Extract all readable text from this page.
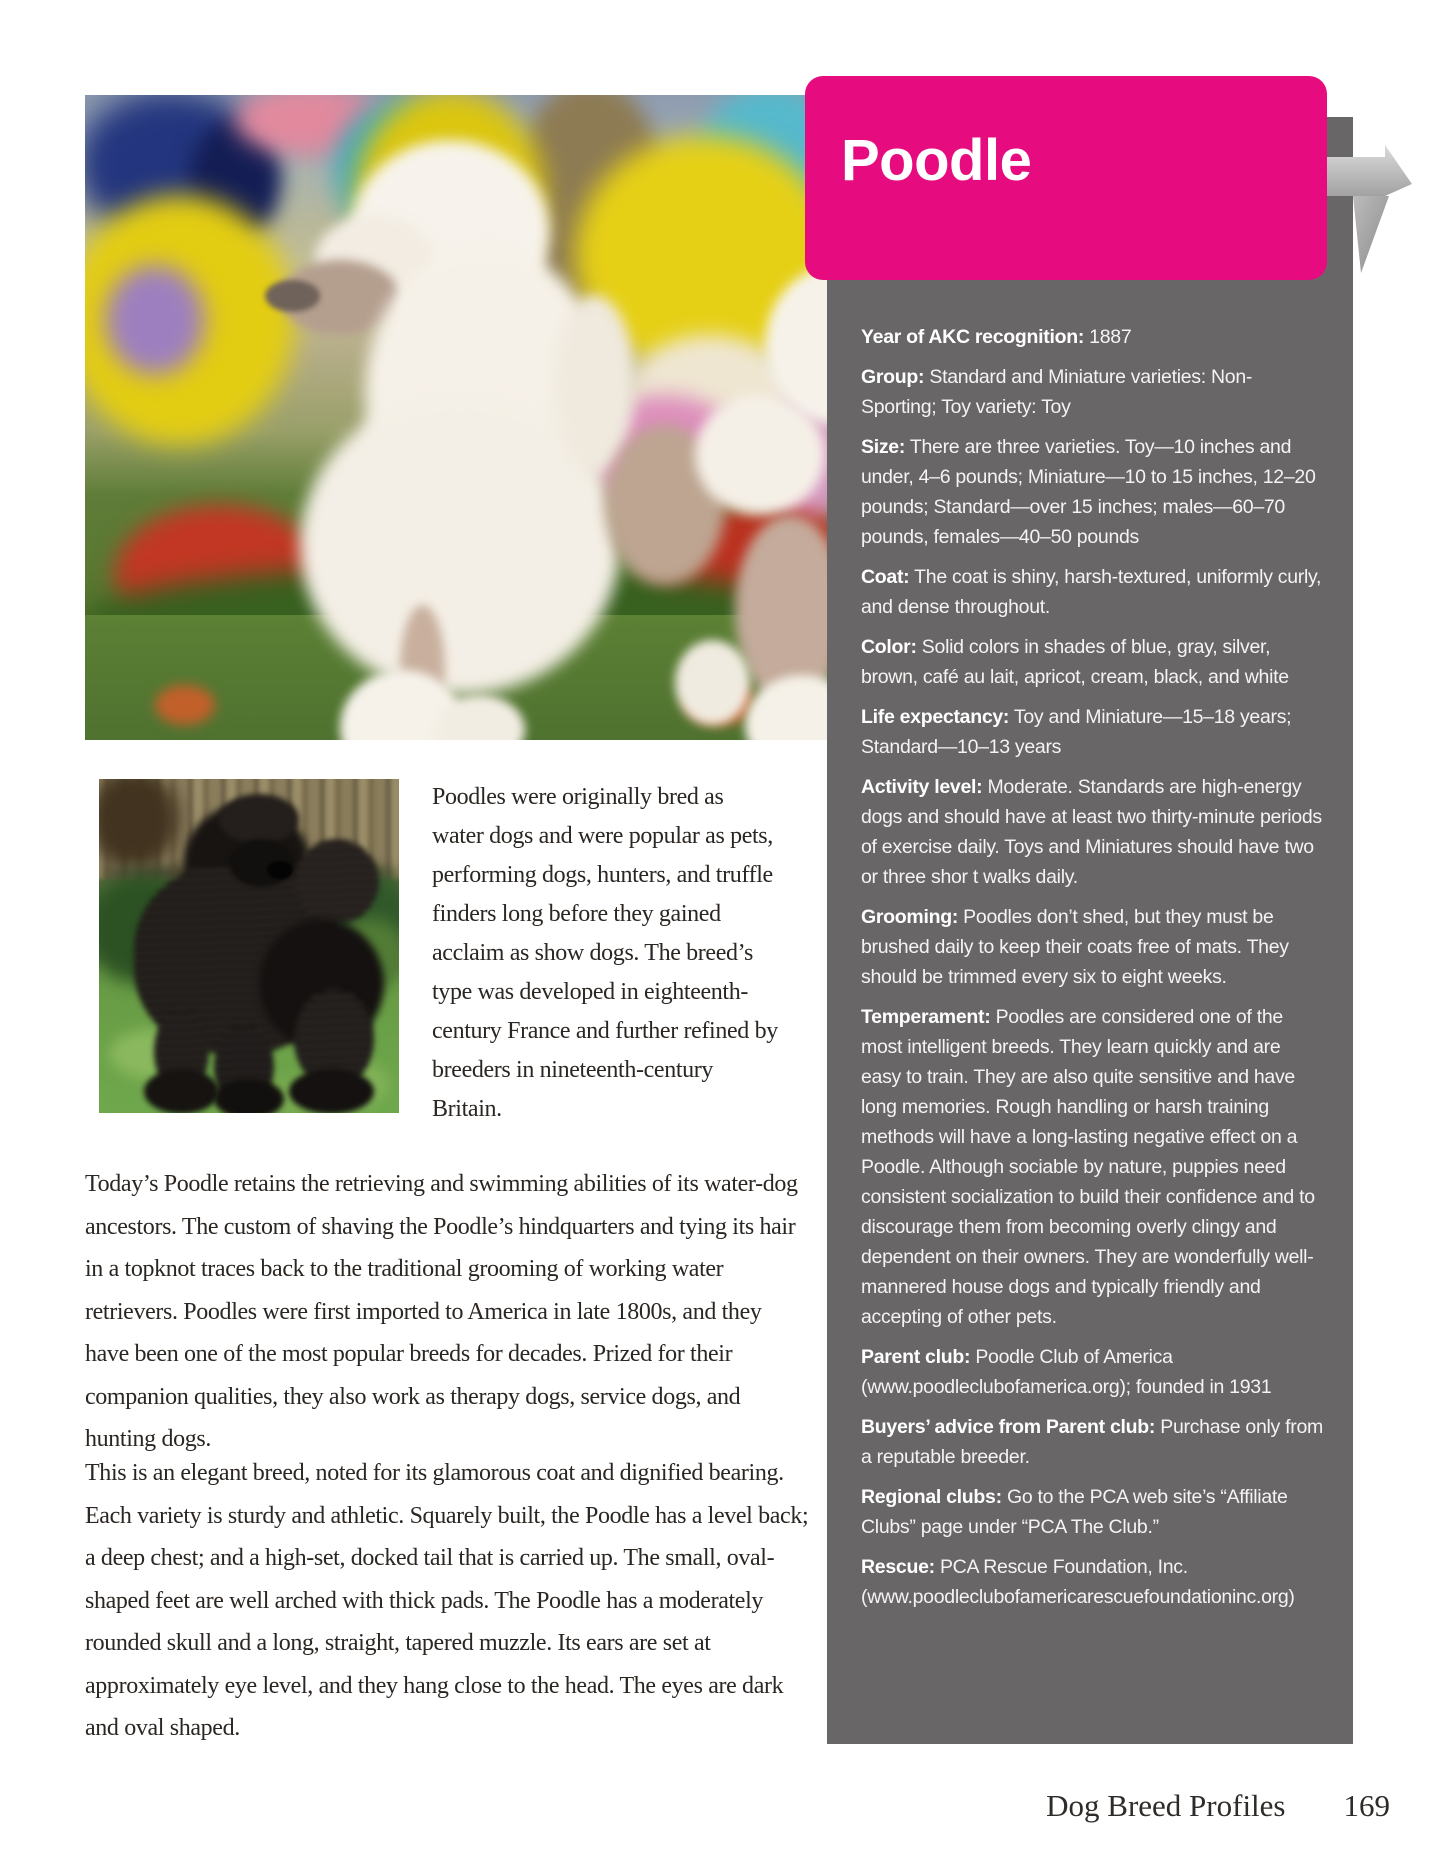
Year of AKC recognition: 1887

Group: Standard and Miniature varieties: Non-Sporting; Toy variety: Toy

Size: There are three varieties. Toy—10 inches and under, 4–6 pounds; Miniature—10 to 15 inches, 12–20 pounds; Standard—over 15 inches; males—60–70 pounds, females—40–50 pounds

Coat: The coat is shiny, harsh-textured, uniformly curly, and dense throughout.

Color: Solid colors in shades of blue, gray, silver, brown, café au lait, apricot, cream, black, and white

Life expectancy: Toy and Miniature—15–18 years; Standard—10–13 years

Activity level: Moderate. Standards are high-energy dogs and should have at least two thirty-minute periods of exercise daily. Toys and Miniatures should have two or three shor t walks daily.

Grooming: Poodles don’t shed, but they must be brushed daily to keep their coats free of mats. They should be trimmed every six to eight weeks.

Temperament: Poodles are considered one of the most intelligent breeds. They learn quickly and are easy to train. They are also quite sensitive and have long memories. Rough handling or harsh training methods will have a long-lasting negative effect on a Poodle. Although sociable by nature, puppies need consistent socialization to build their confidence and to discourage them from becoming overly clingy and dependent on their owners. They are wonderfully well-mannered house dogs and typically friendly and accepting of other pets.

Parent club: Poodle Club of America (www.poodleclubofamerica.org); founded in 1931

Buyers’ advice from Parent club: Purchase only from a reputable breeder.

Regional clubs: Go to the PCA web site’s “Affiliate Clubs” page under “PCA The Club.”

Rescue: PCA Rescue Foundation, Inc. (www.poodleclubofamericarescuefoundationinc.org)

Poodle
Poodles were originally bred as water dogs and were popular as pets, performing dogs, hunters, and truffle finders long before they gained acclaim as show dogs. The breed’s type was developed in eighteenth-century France and further refined by breeders in nineteenth-century Britain.
Today’s Poodle retains the retrieving and swimming abilities of its water-dog ancestors. The custom of shaving the Poodle’s hindquarters and tying its hair in a topknot traces back to the traditional grooming of working water retrievers. Poodles were first imported to America in late 1800s, and they have been one of the most popular breeds for decades. Prized for their companion qualities, they also work as therapy dogs, service dogs, and hunting dogs.
This is an elegant breed, noted for its glamorous coat and dignified bearing. Each variety is sturdy and athletic. Squarely built, the Poodle has a level back; a deep chest; and a high-set, docked tail that is carried up. The small, oval-shaped feet are well arched with thick pads. The Poodle has a moderately rounded skull and a long, straight, tapered muzzle. Its ears are set at approximately eye level, and they hang close to the head. The eyes are dark and oval shaped.
Dog Breed Profiles 169
